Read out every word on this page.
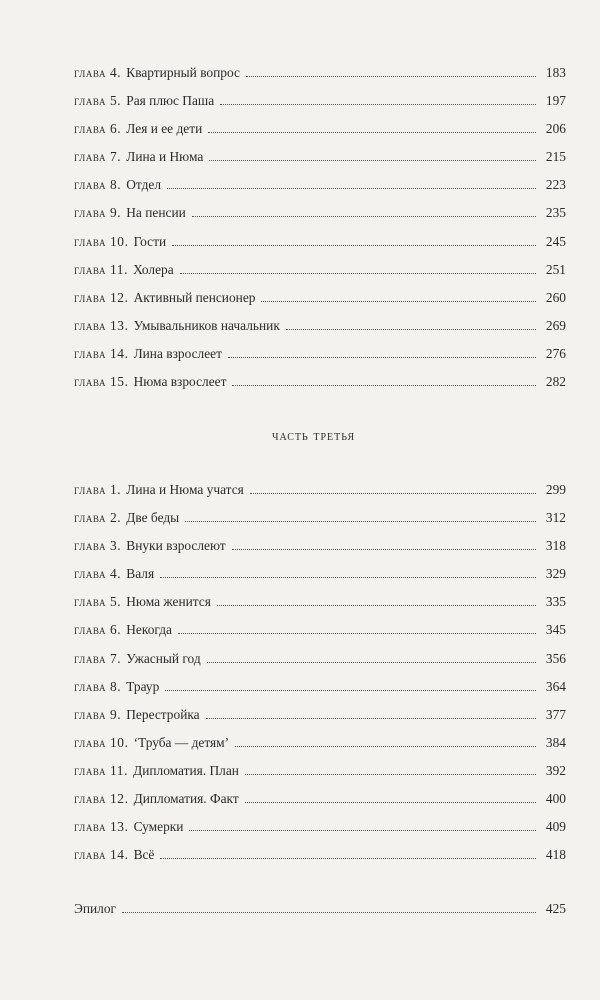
глава 4. Квартирный вопрос	183
глава 5. Рая плюс Паша	197
глава 6. Лея и ее дети	206
глава 7. Лина и Нюма	215
глава 8. Отдел	223
глава 9. На пенсии	235
глава 10. Гости	245
глава 11. Холера	251
глава 12. Активный пенсионер	260
глава 13. Умывальников начальник	269
глава 14. Лина взрослеет	276
глава 15. Нюма взрослеет	282
часть третья
глава 1. Лина и Нюма учатся	299
глава 2. Две беды	312
глава 3. Внуки взрослеют	318
глава 4. Валя	329
глава 5. Нюма женится	335
глава 6. Некогда	345
глава 7. Ужасный год	356
глава 8. Траур	364
глава 9. Перестройка	377
глава 10. ‘Труба — детям’	384
глава 11. Дипломатия. План	392
глава 12. Дипломатия. Факт	400
глава 13. Сумерки	409
глава 14. Всё	418
Эпилог	425
